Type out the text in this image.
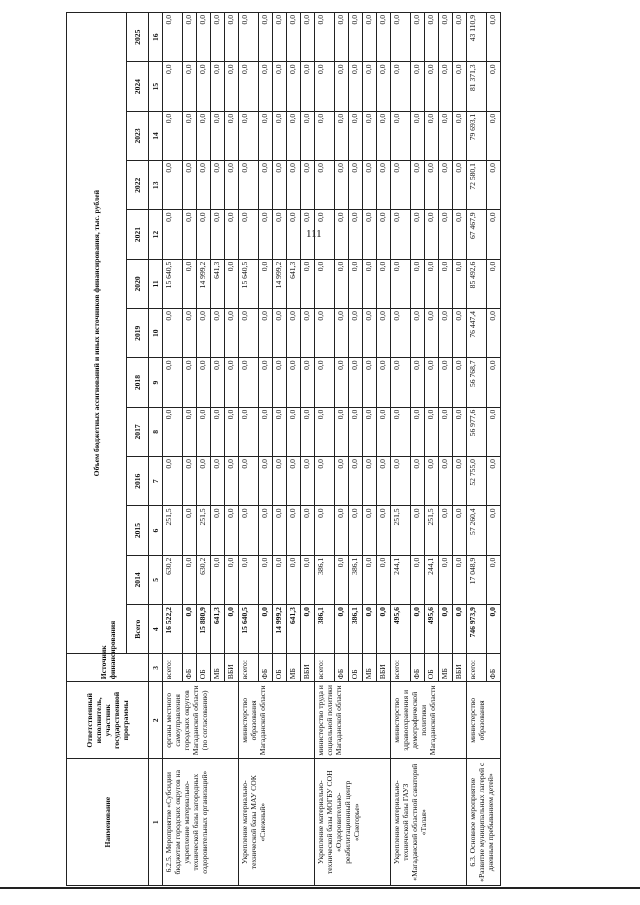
111
Наименование	Ответственный исполнитель, участник государственной программы	Источник финансирования	Объем бюджетных ассигнований и иных источников финансирования, тыс. рублей												
			Всего	2014	2015	2016	2017	2018	2019	2020	2021	2022	2023	2024	2025
1	2	3	4	5	6	7	8	9	10	11	12	13	14	15	16
6.2.5. Мероприятие «Субсидии бюджетам городских округов на укрепление материально-технической базы загородных оздоровительных организаций»	органы местного самоуправления городских округов Магаданской области (по согласованию)	всего:	16 522,2	630,2	251,5	0,0	0,0	0,0	0,0	15 640,5	0,0	0,0	0,0	0,0	0,0
		ФБ	0,0	0,0	0,0	0,0	0,0	0,0	0,0	0,0	0,0	0,0	0,0	0,0	0,0
		ОБ	15 880,9	630,2	251,5	0,0	0,0	0,0	0,0	14 999,2	0,0	0,0	0,0	0,0	0,0
		МБ	641,3	0,0	0,0	0,0	0,0	0,0	0,0	641,3	0,0	0,0	0,0	0,0	0,0
		ВБИ	0,0	0,0	0,0	0,0	0,0	0,0	0,0	0,0	0,0	0,0	0,0	0,0	0,0
Укрепление материально-технической базы МАУ СОК «Снежный»	министерство образования Магаданской области	всего:	15 640,5	0,0	0,0	0,0	0,0	0,0	0,0	15 640,5	0,0	0,0	0,0	0,0	0,0
		ФБ	0,0	0,0	0,0	0,0	0,0	0,0	0,0	0,0	0,0	0,0	0,0	0,0	0,0
		ОБ	14 999,2	0,0	0,0	0,0	0,0	0,0	0,0	14 999,2	0,0	0,0	0,0	0,0	0,0
		МБ	641,3	0,0	0,0	0,0	0,0	0,0	0,0	641,3	0,0	0,0	0,0	0,0	0,0
		ВБИ	0,0	0,0	0,0	0,0	0,0	0,0	0,0	0,0	0,0	0,0	0,0	0,0	0,0
Укрепление материально-технической базы МОГБУ СОН «Оздоровительно-реабилитационный центр «Снегорье»	министерство труда и социальной политики Магаданской области	всего:	386,1	386,1	0,0	0,0	0,0	0,0	0,0	0,0	0,0	0,0	0,0	0,0	0,0
		ФБ	0,0	0,0	0,0	0,0	0,0	0,0	0,0	0,0	0,0	0,0	0,0	0,0	0,0
		ОБ	386,1	386,1	0,0	0,0	0,0	0,0	0,0	0,0	0,0	0,0	0,0	0,0	0,0
		МБ	0,0	0,0	0,0	0,0	0,0	0,0	0,0	0,0	0,0	0,0	0,0	0,0	0,0
		ВБИ	0,0	0,0	0,0	0,0	0,0	0,0	0,0	0,0	0,0	0,0	0,0	0,0	0,0
Укрепление материально-технической базы ГАУЗ «Магаданский областной санаторий «Талая»	министерство здравоохранения и демографической политики Магаданской области	всего:	495,6	244,1	251,5	0,0	0,0	0,0	0,0	0,0	0,0	0,0	0,0	0,0	0,0
		ФБ	0,0	0,0	0,0	0,0	0,0	0,0	0,0	0,0	0,0	0,0	0,0	0,0	0,0
		ОБ	495,6	244,1	251,5	0,0	0,0	0,0	0,0	0,0	0,0	0,0	0,0	0,0	0,0
		МБ	0,0	0,0	0,0	0,0	0,0	0,0	0,0	0,0	0,0	0,0	0,0	0,0	0,0
		ВБИ	0,0	0,0	0,0	0,0	0,0	0,0	0,0	0,0	0,0	0,0	0,0	0,0	0,0
6.3. Основное мероприятие «Развитие муниципальных лагерей с дневным пребыванием детей»	министерство образования	всего:	746 973,9	17 048,9	57 260,4	52 755,0	56 977,6	56 768,7	76 447,4	85 492,6	67 467,9	72 580,1	79 693,1	81 371,3	43 110,9
		ФБ	0,0	0,0	0,0	0,0	0,0	0,0	0,0	0,0	0,0	0,0	0,0	0,0	0,0
